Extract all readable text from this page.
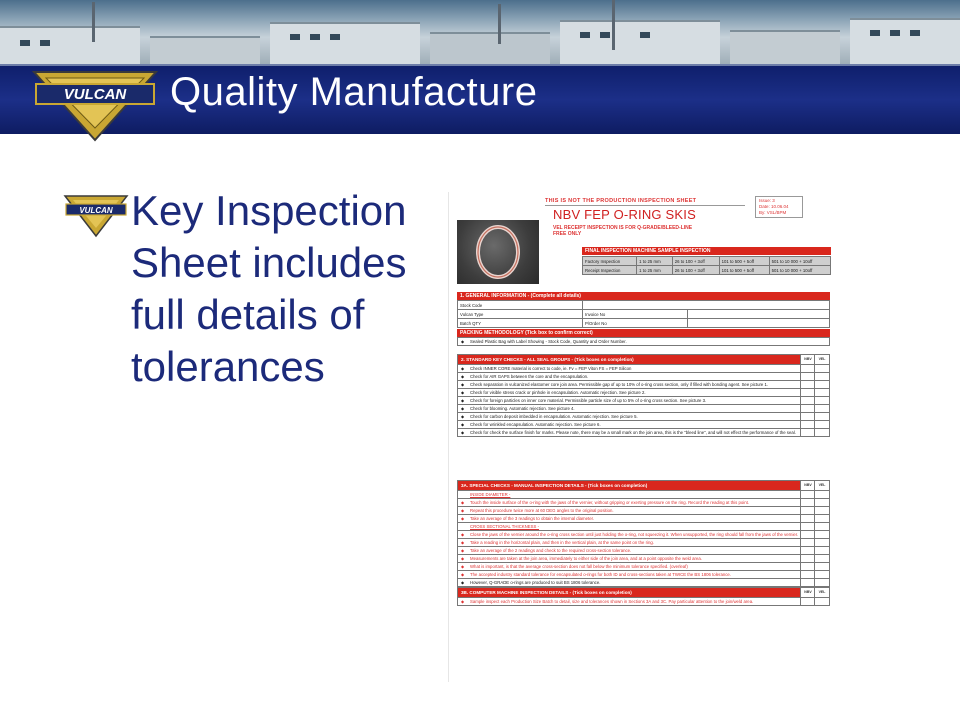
Quality Manufacture
VULCAN
VULCAN Key Inspection
Sheet includes
full details of
tolerances
THIS IS NOT THE PRODUCTION INSPECTION SHEET
NBV FEP O-RING SKIS
VEL RECEIPT INSPECTION IS FOR Q-GRADE/BLEED-LINE FREE ONLY
Issue: 3
Date: 10.06.04
By: VSL/BPM
FINAL INSPECTION MACHINE SAMPLE INSPECTION
Factory Inspection	1 to 25 mm	26 to 100 + 3off	101 to 500 + 5off	501 to 10 000 + 10off
Receipt Inspection	1 to 25 mm	26 to 100 + 3off	101 to 500 + 5off	501 to 10 000 + 10off
1. GENERAL INFORMATION - (Complete all details)
Stock Code		
Vulcan Type	Invoice No	
Batch QTY	P/Order No	
PACKING METHODOLOGY (Tick box to confirm correct)
◆ Sealed Plastic Bag with Label Showing - Stock Code, Quantity and Order Number.
2. STANDARD KEY CHECKS - ALL SEAL GROUPS - (Tick boxes on completion)	NBV	VEL
◆ Check INNER CORE material is correct to code, ie. Fv = FEP Viton FS = FEP Silicon
◆ Check for AIR GAPS between the core and the encapsulation.
◆ Check separation in vulcanized elastomer core join area. Permissible gap of up to 10% of o-ring cross section, only if filled with bonding agent. See picture 1.
◆ Check for visible stress crack or pinhole in encapsulation. Automatic rejection. See picture 2.
◆ Check for foreign particles on inner core material. Permissible particle size of up to 5% of o-ring cross section. See picture 3.
◆ Check for blooming. Automatic rejection. See picture 4.
◆ Check for carbon deposit imbedded in encapsulation. Automatic rejection. See picture 5.
◆ Check for wrinkled encapsulation. Automatic rejection. See picture 6.
◆ Check for check the surface finish for marks. Please note, there may be a small mark on the join area, this is the "bleed line", and will not effect the performance of the seal.
3A. SPECIAL CHECKS - MANUAL INSPECTION DETAILS - (Tick boxes on completion)	NBV	VEL
INSIDE DIAMETER -
◆ Touch the inside surface of the o-ring with the jaws of the vernier, without gripping or exerting pressure on the ring. Record the reading at this point.
◆ Repeat this procedure twice more at 60 DEG angles to the original position.
◆ Take an average of the 3 readings to obtain the internal diameter.
CROSS SECTIONAL THICKNESS -
◆ Close the jaws of the vernier around the o-ring cross section until just holding the o-ring, not squeezing it. When unsupported, the ring should fall from the jaws of the vernier.
◆ Take a reading in the horizontal plain, and then in the vertical plain, at the same point on the ring.
◆ Take an average of the 2 readings and check to the required cross-section tolerance.
◆ Measurements are taken at the join area, immediately to either side of the join area, and at a point opposite the weld area.
◆ What is important, is that the average cross-section does not fall below the minimum tolerance specified. (overleaf)
◆ The accepted industry standard tolerance for encapsulated o-rings for both ID and cross-sections taken at TWICE the BS 1806 tolerance.
◆ However, Q-GRADE o-rings are produced to suit BS 1806 tolerance.
3B. COMPUTER MACHINE INSPECTION DETAILS - (Tick boxes on completion)	NBV	VEL
◆ Sample inspect each Production Size Batch to detail, size and tolerances shown in Sections 3A and 3C. Pay particular attention to the join/weld area.
